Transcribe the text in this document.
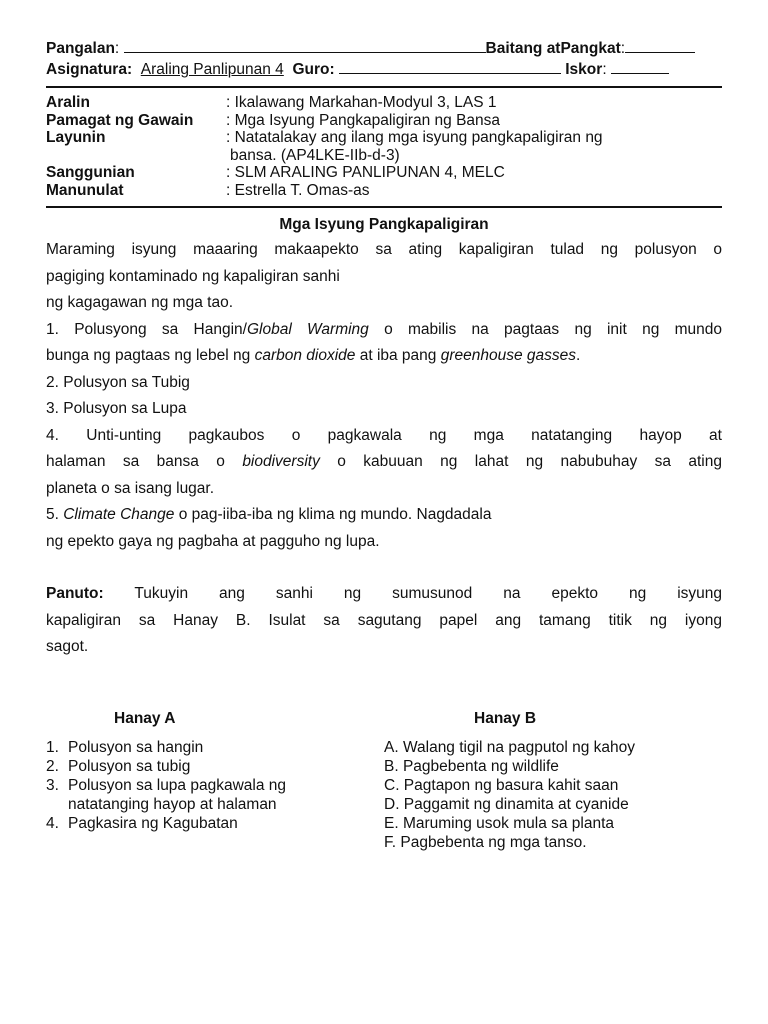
Pangalan :	Baitang atPangkat :
Asignatura:
Araling Panlipunan 4
Guro:

	Iskor :
Aralin	: Ikalawang Markahan-Modyul 3, LAS 1
Pamagat ng Gawain	: Mga Isyung Pangkapaligiran ng Bansa
Layunin	: Natatalakay ang ilang mga isyung pangkapaligiran ng
bansa. (AP4LKE-IIb-d-3)
Sanggunian	: SLM ARALING PANLIPUNAN 4, MELC
Manunulat	: Estrella T. Omas-as
Mga Isyung Pangkapaligiran

Maraming isyung maaaring makaapekto sa ating kapaligiran tulad ng polusyon o

pagiging kontaminado ng kapaligiran sanhi

ng kagagawan ng mga tao.

1. Polusyong sa Hangin/Global Warming o mabilis na pagtaas ng init ng mundo

bunga ng pagtaas ng lebel ng carbon dioxide at iba pang greenhouse gasses.

2. Polusyon sa Tubig

3. Polusyon sa Lupa

4. Unti-unting pagkaubos o pagkawala ng mga natatanging hayop at

halaman sa bansa o biodiversity o kabuuan ng lahat ng nabubuhay sa ating

planeta o sa isang lugar.

5. Climate Change o pag-iiba-iba ng klima ng mundo. Nagdadala

ng epekto gaya ng pagbaha at pagguho ng lupa.

Panuto: Tukuyin ang sanhi ng sumusunod na epekto ng isyung

kapaligiran sa Hanay B. Isulat sa sagutang papel ang tamang titik ng iyong

sagot.

Hanay A	Hanay B
1. Polusyon sa hangin
2. Polusyon sa tubig
3. Polusyon sa lupa pagkawala ng
natatanging hayop at halaman
4. Pagkasira ng Kagubatan
A. Walang tigil na pagputol ng kahoy
B. Pagbebenta ng wildlife
C. Pagtapon ng basura kahit saan
D. Paggamit ng dinamita at cyanide
E. Maruming usok mula sa planta
F. Pagbebenta ng mga tanso.
